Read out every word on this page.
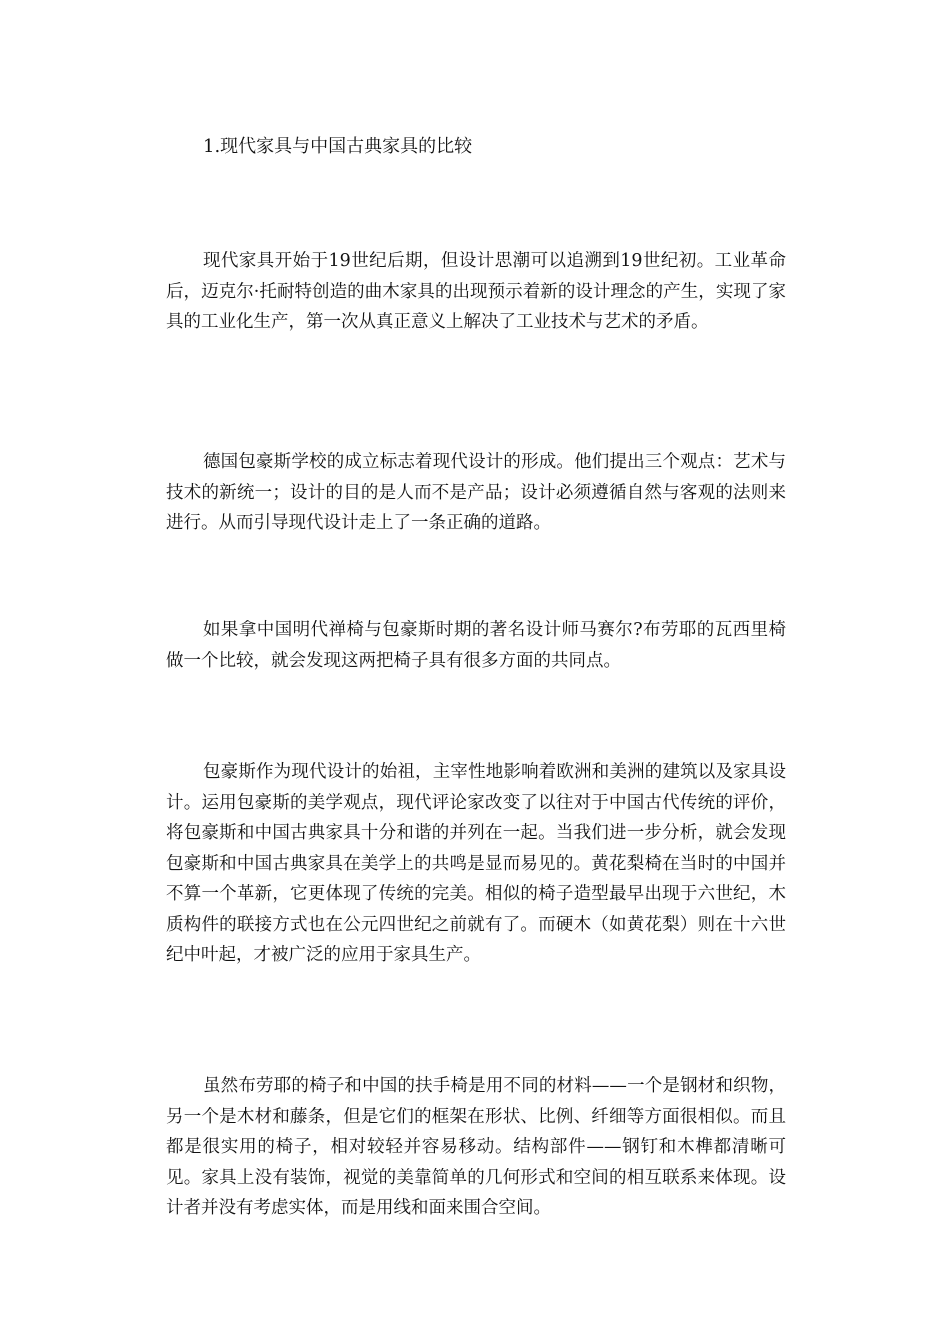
1.现代家具与中国古典家具的比较

现代家具开始于19世纪后期，但设计思潮可以追溯到19世纪初。工业革命后，迈克尔·托耐特创造的曲木家具的出现预示着新的设计理念的产生，实现了家具的工业化生产，第一次从真正意义上解决了工业技术与艺术的矛盾。

德国包豪斯学校的成立标志着现代设计的形成。他们提出三个观点：艺术与技术的新统一；设计的目的是人而不是产品；设计必须遵循自然与客观的法则来进行。从而引导现代设计走上了一条正确的道路。

如果拿中国明代禅椅与包豪斯时期的著名设计师马赛尔?布劳耶的瓦西里椅做一个比较，就会发现这两把椅子具有很多方面的共同点。

包豪斯作为现代设计的始祖，主宰性地影响着欧洲和美洲的建筑以及家具设计。运用包豪斯的美学观点，现代评论家改变了以往对于中国古代传统的评价，将包豪斯和中国古典家具十分和谐的并列在一起。当我们进一步分析，就会发现包豪斯和中国古典家具在美学上的共鸣是显而易见的。黄花梨椅在当时的中国并不算一个革新，它更体现了传统的完美。相似的椅子造型最早出现于六世纪，木质构件的联接方式也在公元四世纪之前就有了。而硬木（如黄花梨）则在十六世纪中叶起，才被广泛的应用于家具生产。

虽然布劳耶的椅子和中国的扶手椅是用不同的材料——一个是钢材和织物，另一个是木材和藤条，但是它们的框架在形状、比例、纤细等方面很相似。而且都是很实用的椅子，相对较轻并容易移动。结构部件——钢钉和木榫都清晰可见。家具上没有装饰，视觉的美靠简单的几何形式和空间的相互联系来体现。设计者并没有考虑实体，而是用线和面来围合空间。
